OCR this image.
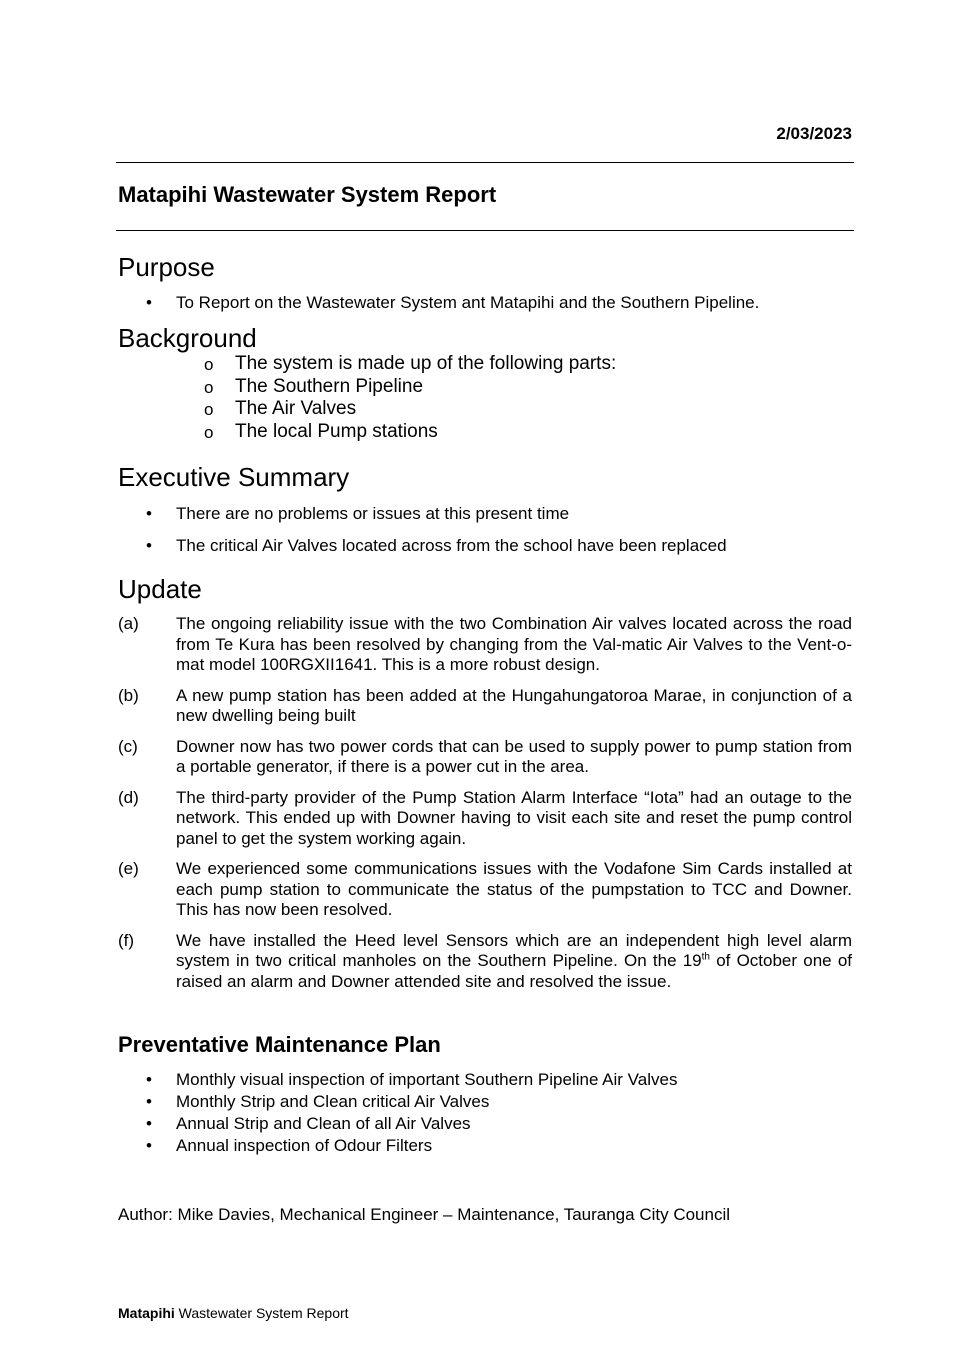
2/03/2023
Matapihi Wastewater System Report
Purpose
• To Report on the Wastewater System ant Matapihi and the Southern Pipeline.
Background
o The system is made up of the following parts:
o The Southern Pipeline
o The Air Valves
o The local Pump stations
Executive Summary
• There are no problems or issues at this present time
• The critical Air Valves located across from the school have been replaced
Update
(a) The ongoing reliability issue with the two Combination Air valves located across the road from Te Kura has been resolved by changing from the Val-matic Air Valves to the Vent-o-mat model 100RGXII1641. This is a more robust design.
(b) A new pump station has been added at the Hungahungatoroa Marae, in conjunction of a new dwelling being built
(c) Downer now has two power cords that can be used to supply power to pump station from a portable generator, if there is a power cut in the area.
(d) The third-party provider of the Pump Station Alarm Interface “Iota” had an outage to the network. This ended up with Downer having to visit each site and reset the pump control panel to get the system working again.
(e) We experienced some communications issues with the Vodafone Sim Cards installed at each pump station to communicate the status of the pumpstation to TCC and Downer. This has now been resolved.
(f) We have installed the Heed level Sensors which are an independent high level alarm system in two critical manholes on the Southern Pipeline. On the 19th of October one of raised an alarm and Downer attended site and resolved the issue.
Preventative Maintenance Plan
• Monthly visual inspection of important Southern Pipeline Air Valves
• Monthly Strip and Clean critical Air Valves
• Annual Strip and Clean of all Air Valves
• Annual inspection of Odour Filters

Author: Mike Davies, Mechanical Engineer – Maintenance, Tauranga City Council

Matapihi Wastewater System Report
